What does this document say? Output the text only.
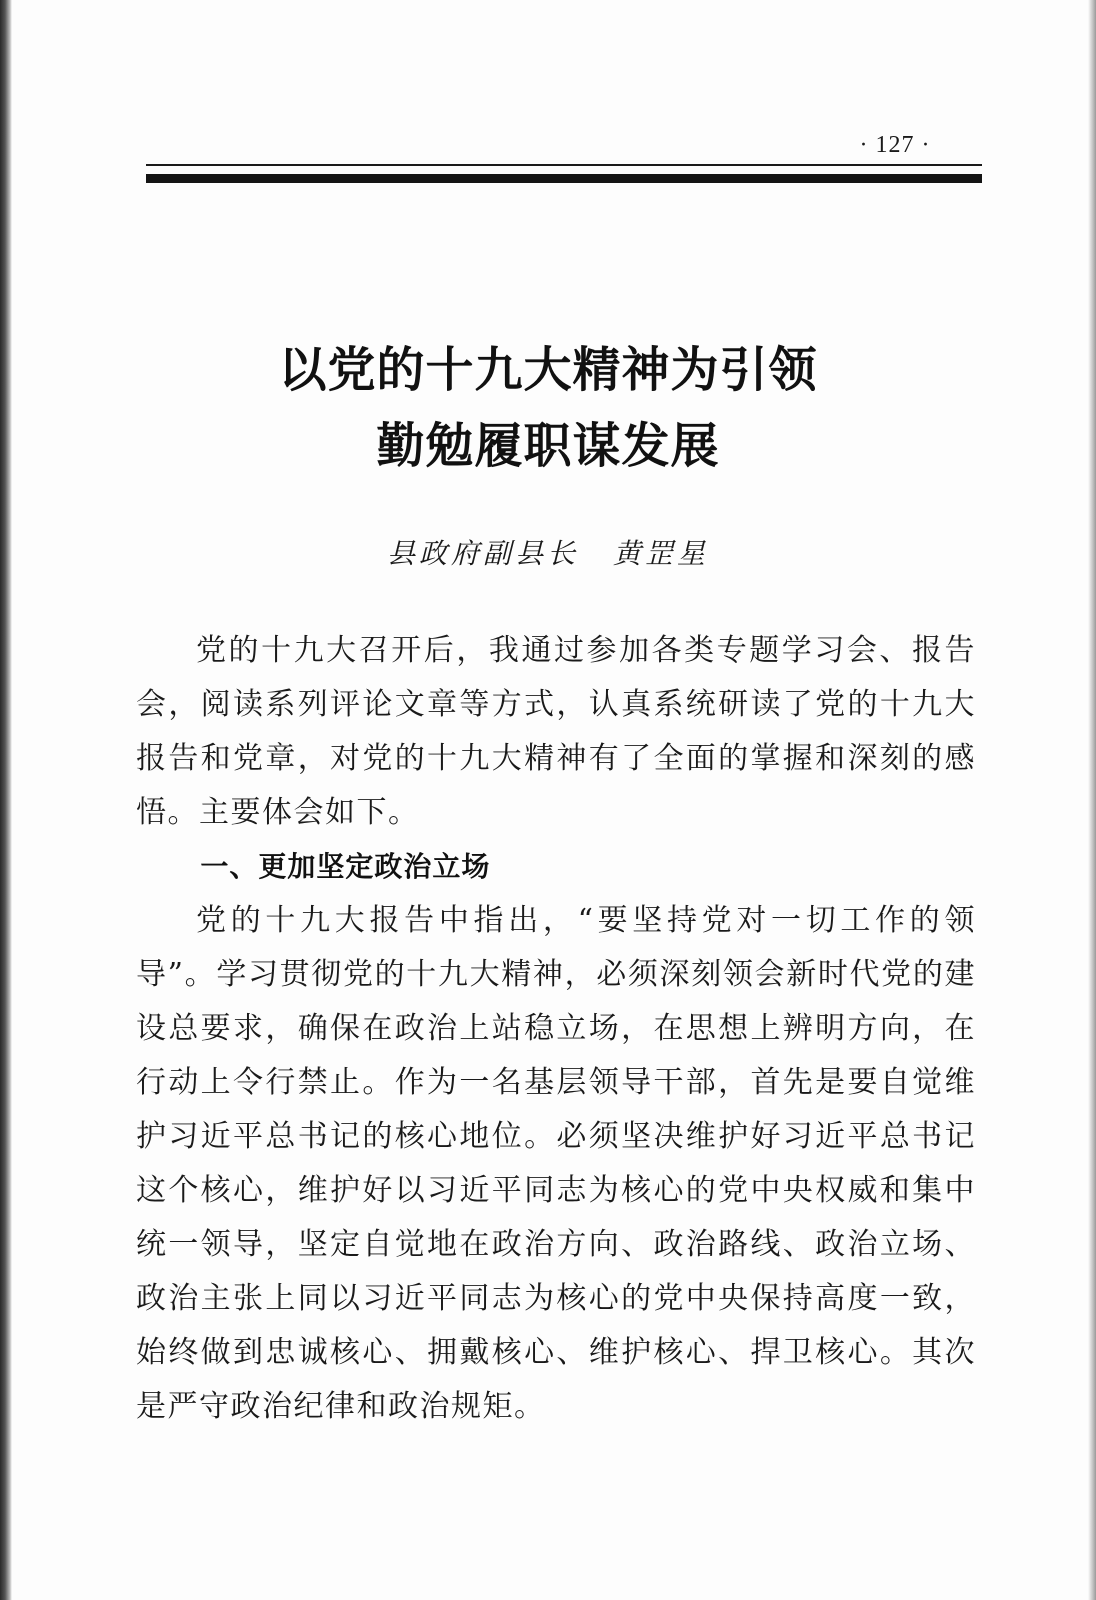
· 127 ·
以党的十九大精神为引领
勤勉履职谋发展
县政府副县长 黄罡星

党的十九大召开后，我通过参加各类专题学习会、报告会，阅读系列评论文章等方式，认真系统研读了党的十九大报告和党章，对党的十九大精神有了全面的掌握和深刻的感悟。主要体会如下。

一、更加坚定政治立场

党的十九大报告中指出，“要坚持党对一切工作的领导”。学习贯彻党的十九大精神，必须深刻领会新时代党的建设总要求，确保在政治上站稳立场，在思想上辨明方向，在行动上令行禁止。作为一名基层领导干部，首先是要自觉维护习近平总书记的核心地位。必须坚决维护好习近平总书记这个核心，维护好以习近平同志为核心的党中央权威和集中统一领导，坚定自觉地在政治方向、政治路线、政治立场、政治主张上同以习近平同志为核心的党中央保持高度一致，始终做到忠诚核心、拥戴核心、维护核心、捍卫核心。其次是严守政治纪律和政治规矩。
